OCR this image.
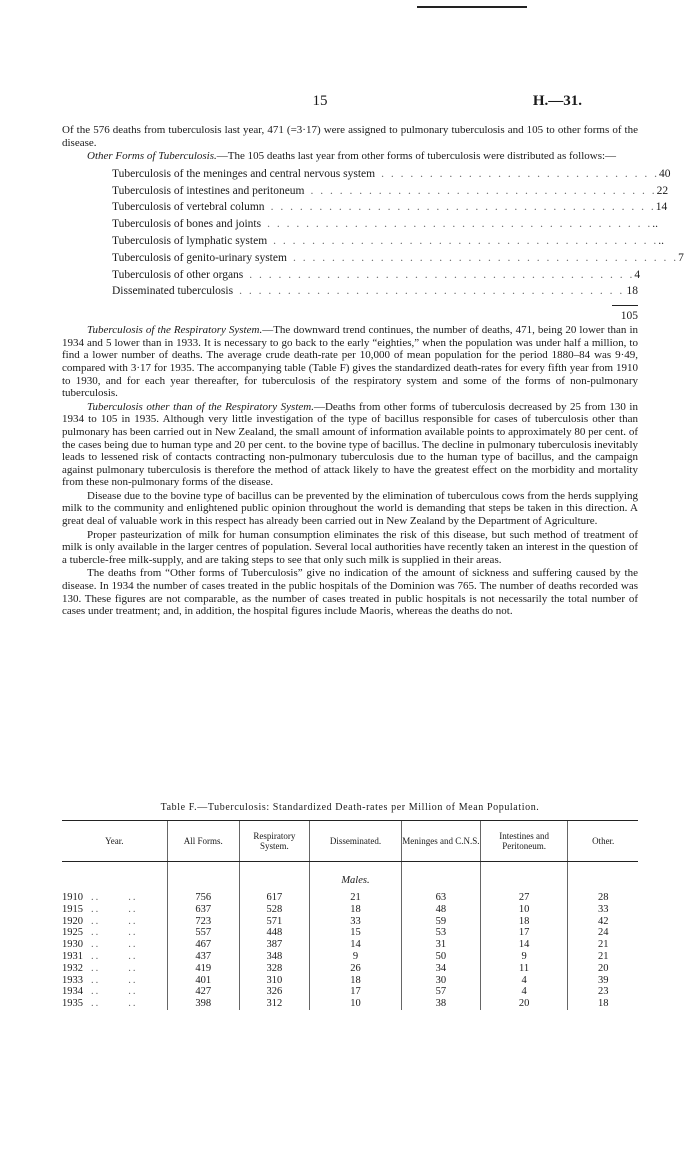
15	H.—31.

Of the 576 deaths from tuberculosis last year, 471 (=3·17) were assigned to pulmonary tuberculosis and 105 to other forms of the disease.

Other Forms of Tuberculosis.—The 105 deaths last year from other forms of tuberculosis were distributed as follows:—

Tuberculosis of the meninges and central nervous system . . . . . . . . . . . . . . . . . . . . . . . . . . . . . 40
Tuberculosis of intestines and peritoneum . . . . . . . . . . . . . . . . . . . . . . . . . . . . . . . . . . . . 22
Tuberculosis of vertebral column . . . . . . . . . . . . . . . . . . . . . . . . . . . . . . . . . . . . . . . . 14
Tuberculosis of bones and joints . . . . . . . . . . . . . . . . . . . . . . . . . . . . . . . . . . . . . . . . ..
Tuberculosis of lymphatic system . . . . . . . . . . . . . . . . . . . . . . . . . . . . . . . . . . . . . . . . ..
Tuberculosis of genito-urinary system . . . . . . . . . . . . . . . . . . . . . . . . . . . . . . . . . . . . . . . . 7
Tuberculosis of other organs . . . . . . . . . . . . . . . . . . . . . . . . . . . . . . . . . . . . . . . . 4
Disseminated tuberculosis . . . . . . . . . . . . . . . . . . . . . . . . . . . . . . . . . . . . . . . . 18
105

Tuberculosis of the Respiratory System.—The downward trend continues, the number of deaths, 471, being 20 lower than in 1934 and 5 lower than in 1933. It is necessary to go back to the early “eighties,” when the population was under half a million, to find a lower number of deaths. The average crude death-rate per 10,000 of mean population for the period 1880–84 was 9·49, compared with 3·17 for 1935. The accompanying table (Table F) gives the standardized death-rates for every fifth year from 1910 to 1930, and for each year thereafter, for tuberculosis of the respiratory system and some of the forms of non-pulmonary tuberculosis.

Tuberculosis other than of the Respiratory System.—Deaths from other forms of tuberculosis decreased by 25 from 130 in 1934 to 105 in 1935. Although very little investigation of the type of bacillus responsible for cases of tuberculosis other than pulmonary has been carried out in New Zealand, the small amount of information available points to approximately 80 per cent. of the cases being due to human type and 20 per cent. to the bovine type of bacillus. The decline in pulmonary tuberculosis inevitably leads to lessened risk of contacts contracting non-pulmonary tuberculosis due to the human type of bacillus, and the campaign against pulmonary tuberculosis is therefore the method of attack likely to have the greatest effect on the morbidity and mortality from these non-pulmonary forms of the disease.

Disease due to the bovine type of bacillus can be prevented by the elimination of tuberculous cows from the herds supplying milk to the community and enlightened public opinion throughout the world is demanding that steps be taken in this direction. A great deal of valuable work in this respect has already been carried out in New Zealand by the Department of Agriculture.

Proper pasteurization of milk for human consumption eliminates the risk of this disease, but such method of treatment of milk is only available in the larger centres of population. Several local authorities have recently taken an interest in the question of a tubercle-free milk-supply, and are taking steps to see that only such milk is supplied in their areas.

The deaths from “Other forms of Tuberculosis” give no indication of the amount of sickness and suffering caused by the disease. In 1934 the number of cases treated in the public hospitals of the Dominion was 765. The number of deaths recorded was 130. These figures are not comparable, as the number of cases treated in public hospitals is not necessarily the total number of cases under treatment; and, in addition, the hospital figures include Maoris, whereas the deaths do not.

Table F.—Tuberculosis: Standardized Death-rates per Million of Mean Population.
Year.	All Forms.	Respiratory System.	Disseminated.	Meninges and C.N.S.	Intestines and Peritoneum.	Other.
			Males.			
1910 .. ..	756	617	21	63	27	28
1915 .. ..	637	528	18	48	10	33
1920 .. ..	723	571	33	59	18	42
1925 .. ..	557	448	15	53	17	24
1930 .. ..	467	387	14	31	14	21
1931 .. ..	437	348	9	50	9	21
1932 .. ..	419	328	26	34	11	20
1933 .. ..	401	310	18	30	4	39
1934 .. ..	427	326	17	57	4	23
1935 .. ..	398	312	10	38	20	18
